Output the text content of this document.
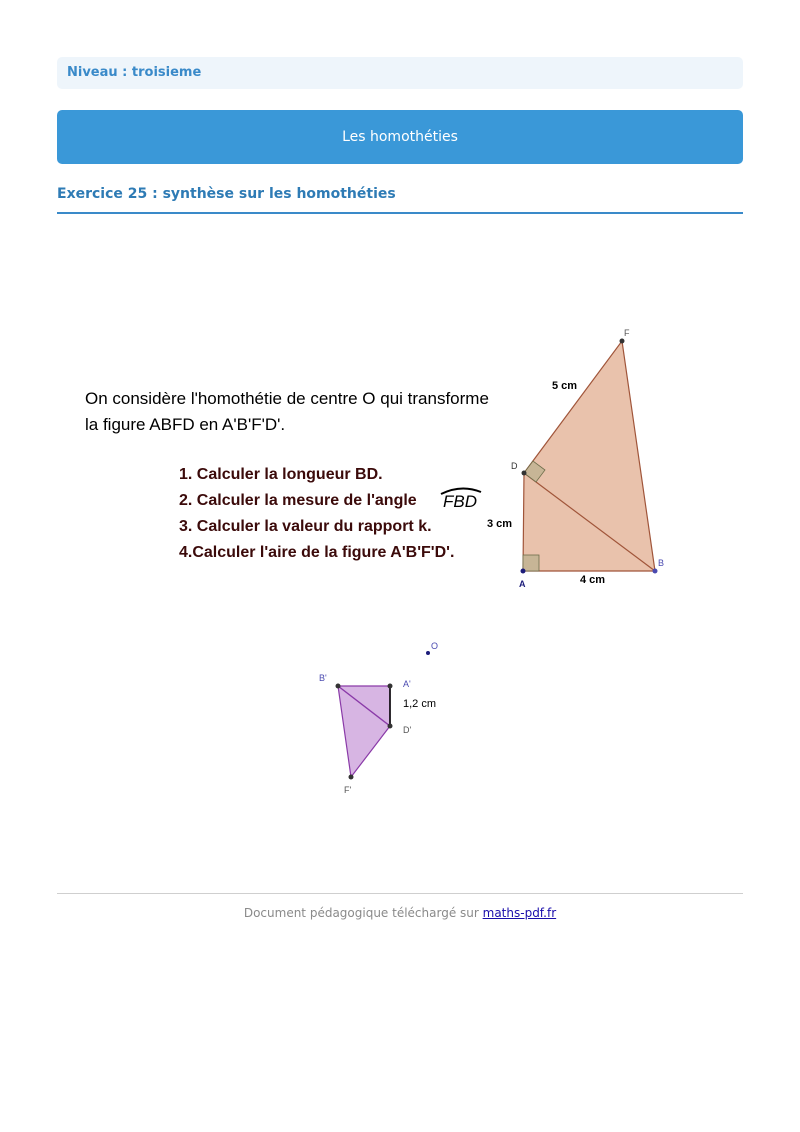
Niveau : troisieme
Les homothéties
Exercice 25 : synthèse sur les homothéties
On considère l'homothétie de centre O qui transforme
la figure ABFD en A'B'F'D'.
1. Calculer la longueur BD.
2. Calculer la mesure de l'angle FBD
3. Calculer la valeur du rapport k.
4.Calculer l'aire de la figure A'B'F'D'.
F
D
A
B
5 cm
3 cm
4 cm
O
B'
A'
D'
F'
1,2 cm
Document pédagogique téléchargé sur maths-pdf.fr
